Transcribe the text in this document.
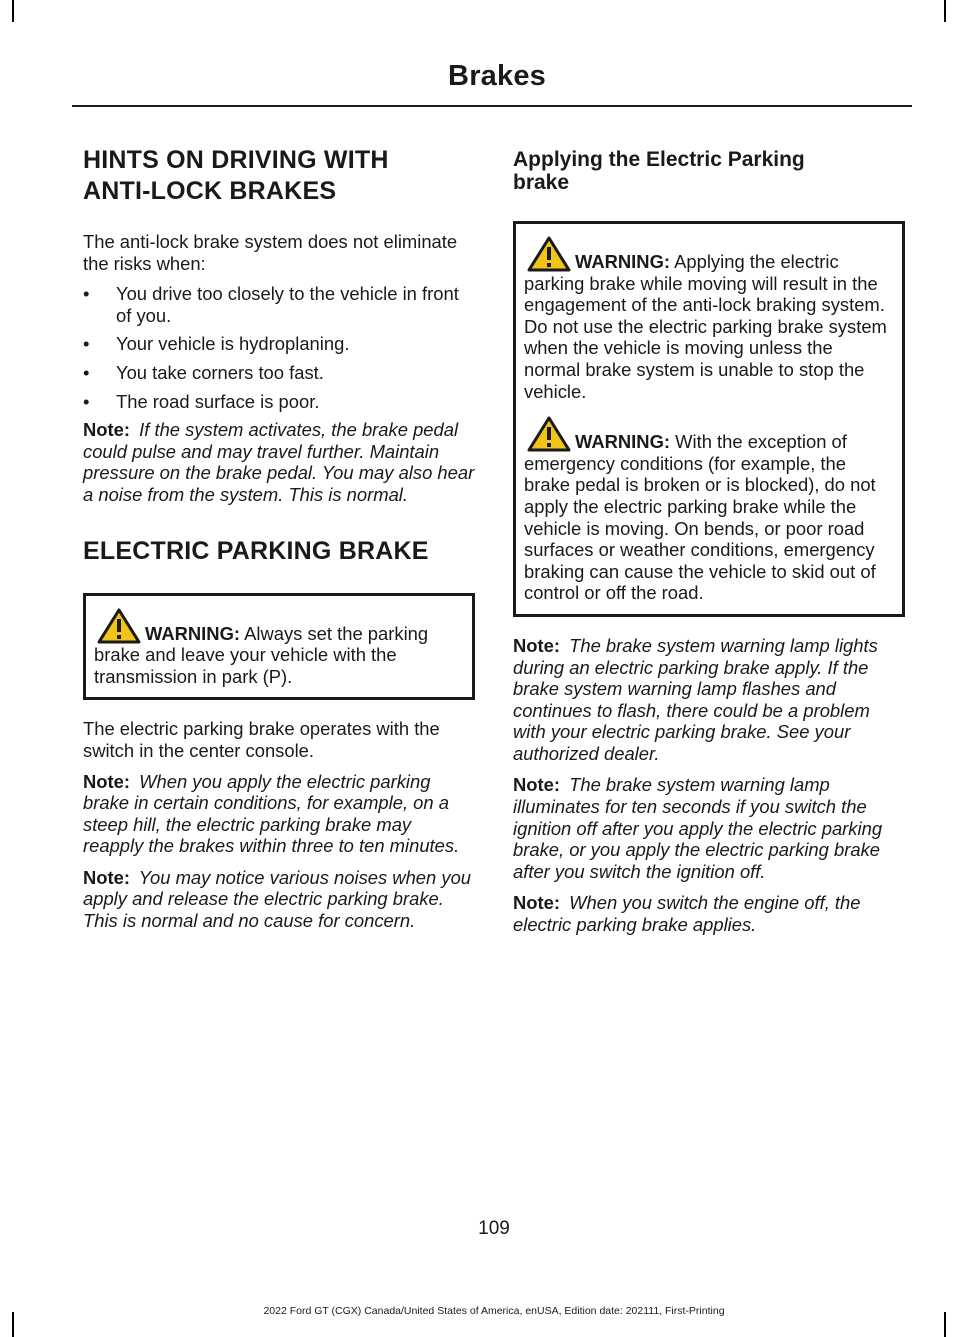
Brakes
HINTS ON DRIVING WITH
ANTI-LOCK BRAKES

The anti-lock brake system does not eliminate the risks when:

• You drive too closely to the vehicle in front of you.
• Your vehicle is hydroplaning.
• You take corners too fast.
• The road surface is poor.

Note: If the system activates, the brake pedal could pulse and may travel further. Maintain pressure on the brake pedal. You may also hear a noise from the system. This is normal.

ELECTRIC PARKING BRAKE

WARNING: Always set the parking brake and leave your vehicle with the transmission in park (P).

The electric parking brake operates with the switch in the center console.

Note: When you apply the electric parking brake in certain conditions, for example, on a steep hill, the electric parking brake may reapply the brakes within three to ten minutes.

Note: You may notice various noises when you apply and release the electric parking brake. This is normal and no cause for concern.

Applying the Electric Parking
brake

WARNING: Applying the electric parking brake while moving will result in the engagement of the anti-lock braking system. Do not use the electric parking brake system when the vehicle is moving unless the normal brake system is unable to stop the vehicle.

WARNING: With the exception of emergency conditions (for example, the brake pedal is broken or is blocked), do not apply the electric parking brake while the vehicle is moving. On bends, or poor road surfaces or weather conditions, emergency braking can cause the vehicle to skid out of control or off the road.

Note: The brake system warning lamp lights during an electric parking brake apply. If the brake system warning lamp flashes and continues to flash, there could be a problem with your electric parking brake. See your authorized dealer.

Note: The brake system warning lamp illuminates for ten seconds if you switch the ignition off after you apply the electric parking brake, or you apply the electric parking brake after you switch the ignition off.

Note: When you switch the engine off, the electric parking brake applies.

109

2022 Ford GT (CGX) Canada/United States of America, enUSA, Edition date: 202111, First-Printing
